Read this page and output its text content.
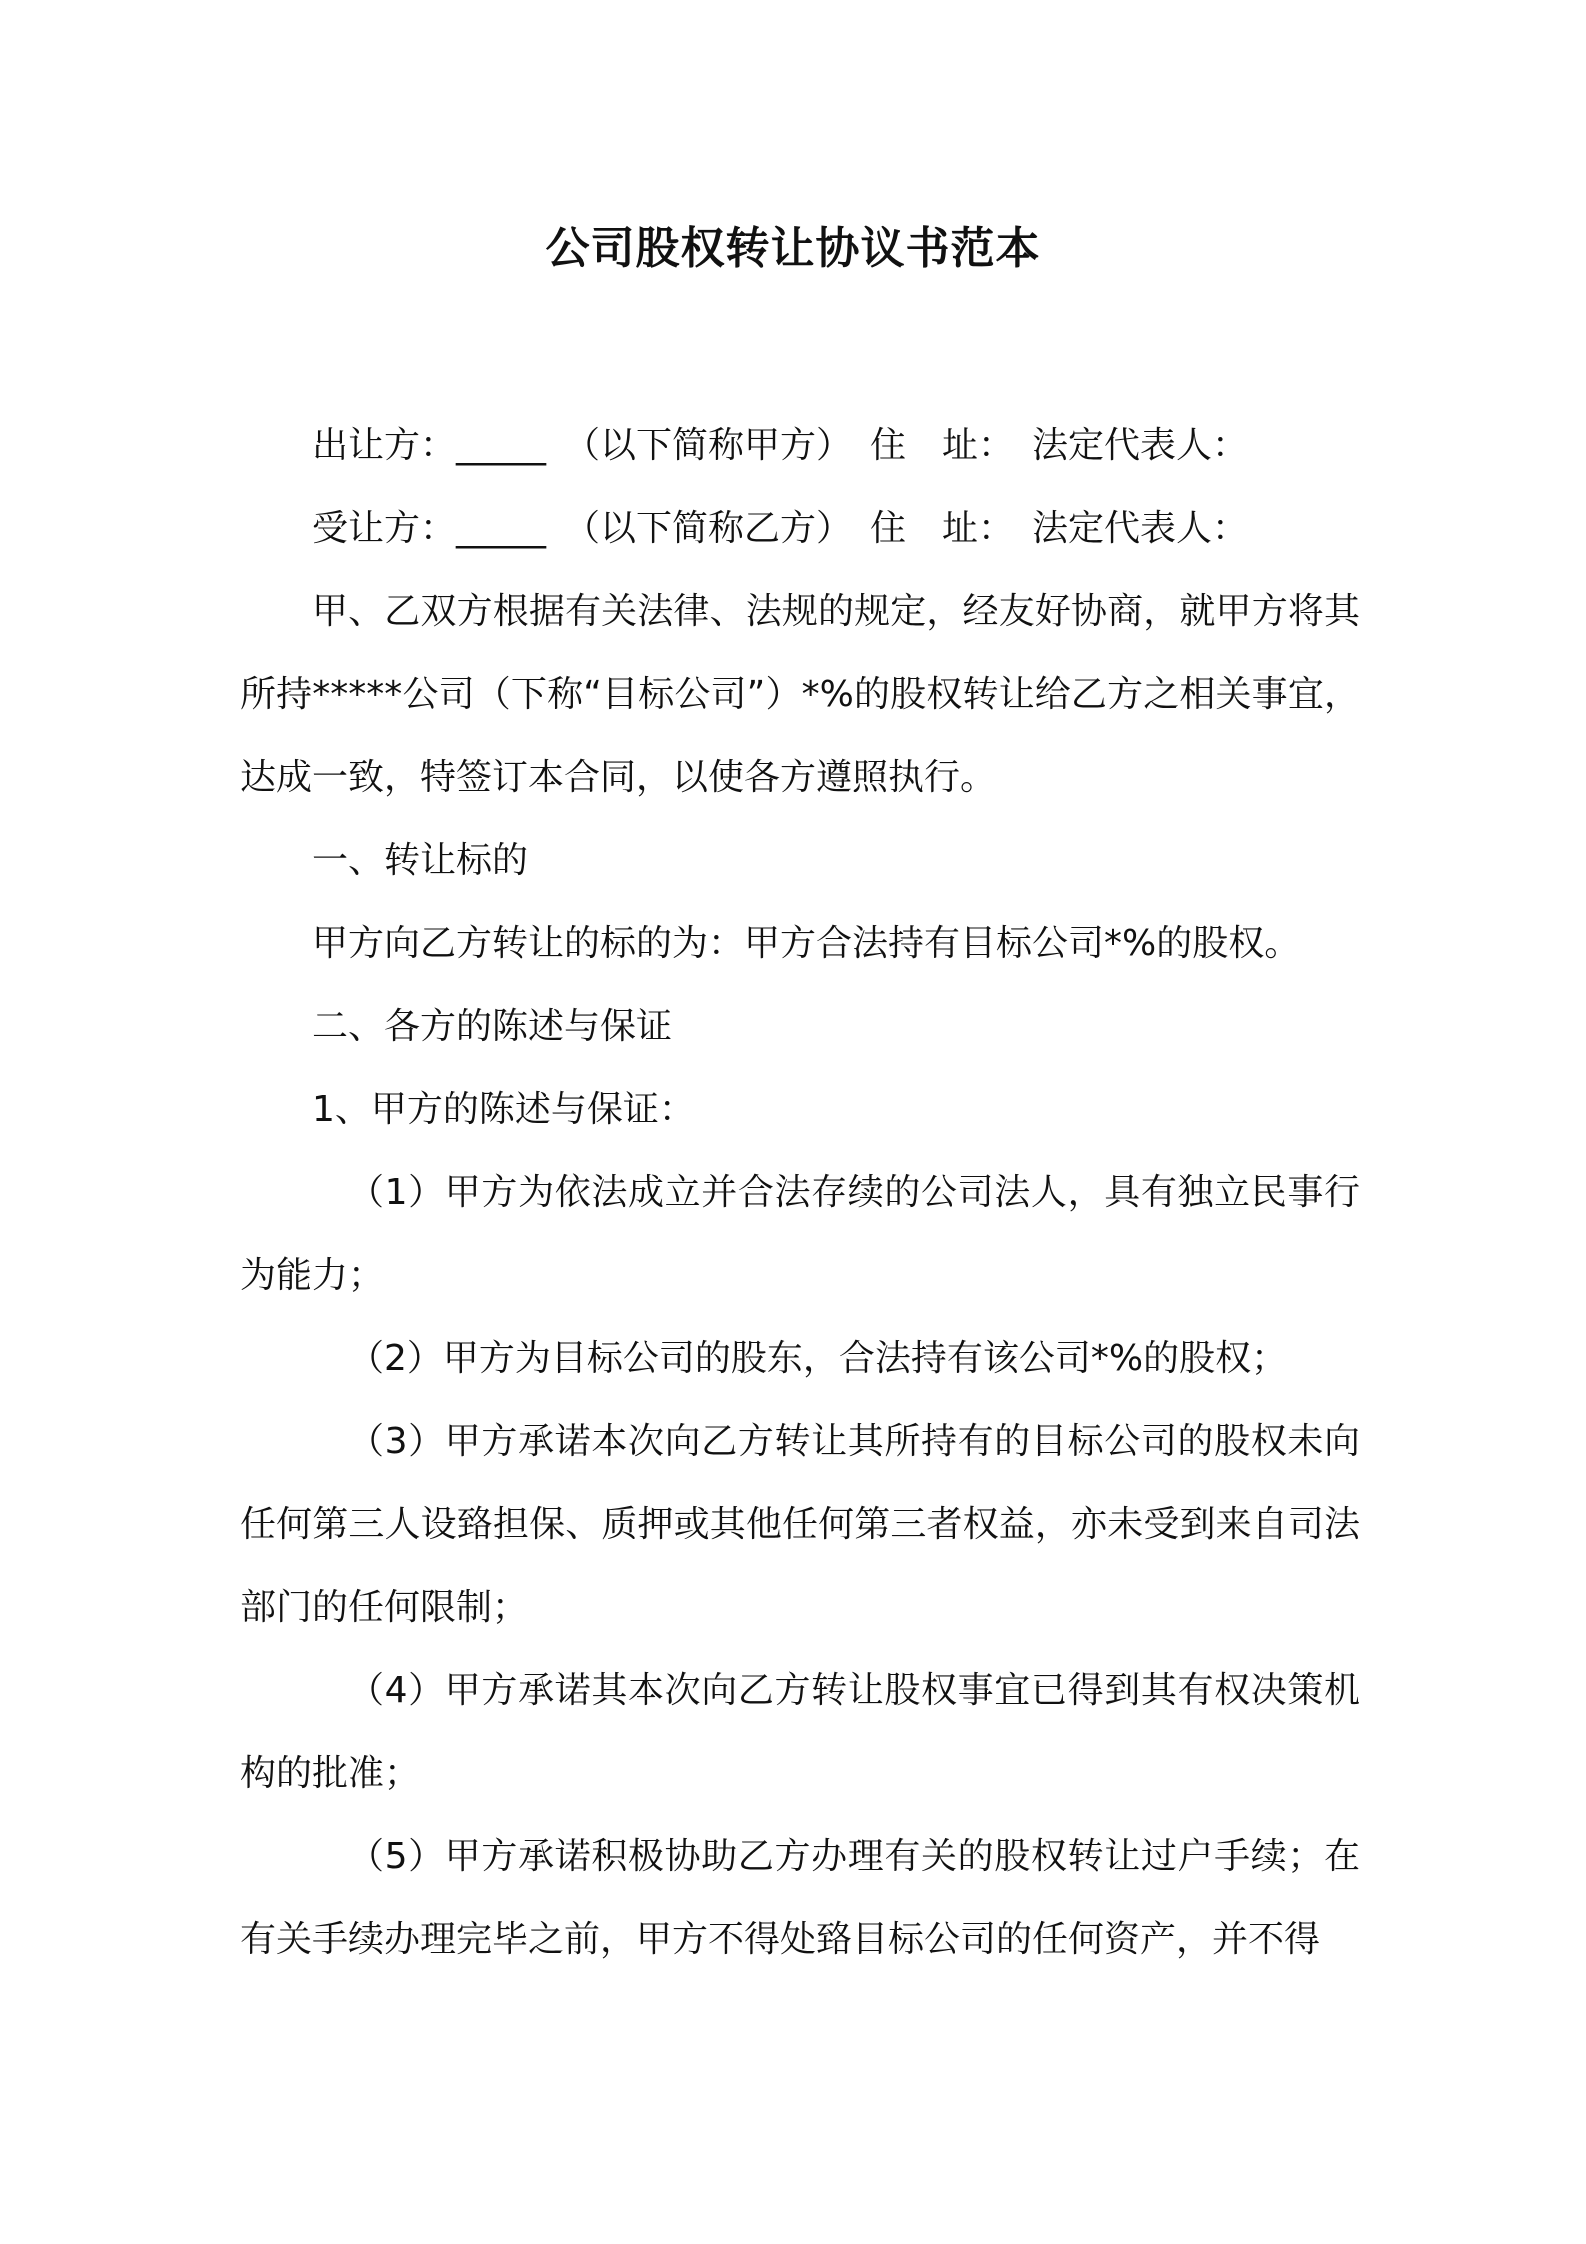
公司股权转让协议书范本

出让方：_____　（以下简称甲方）　住　址：　法定代表人：

受让方：_____　（以下简称乙方）　住　址：　法定代表人：

甲、乙双方根据有关法律、法规的规定，经友好协商，就甲方将其所持*****公司（下称“目标公司”）*%的股权转让给乙方之相关事宜，达成一致，特签订本合同，以使各方遵照执行。

一、转让标的

甲方向乙方转让的标的为：甲方合法持有目标公司*%的股权。

二、各方的陈述与保证

1、甲方的陈述与保证：

（1）甲方为依法成立并合法存续的公司法人，具有独立民事行为能力；

（2）甲方为目标公司的股东，合法持有该公司*%的股权；

（3）甲方承诺本次向乙方转让其所持有的目标公司的股权未向任何第三人设臵担保、质押或其他任何第三者权益，亦未受到来自司法部门的任何限制；

（4）甲方承诺其本次向乙方转让股权事宜已得到其有权决策机构的批准；

（5）甲方承诺积极协助乙方办理有关的股权转让过户手续；在有关手续办理完毕之前，甲方不得处臵目标公司的任何资产，并不得
